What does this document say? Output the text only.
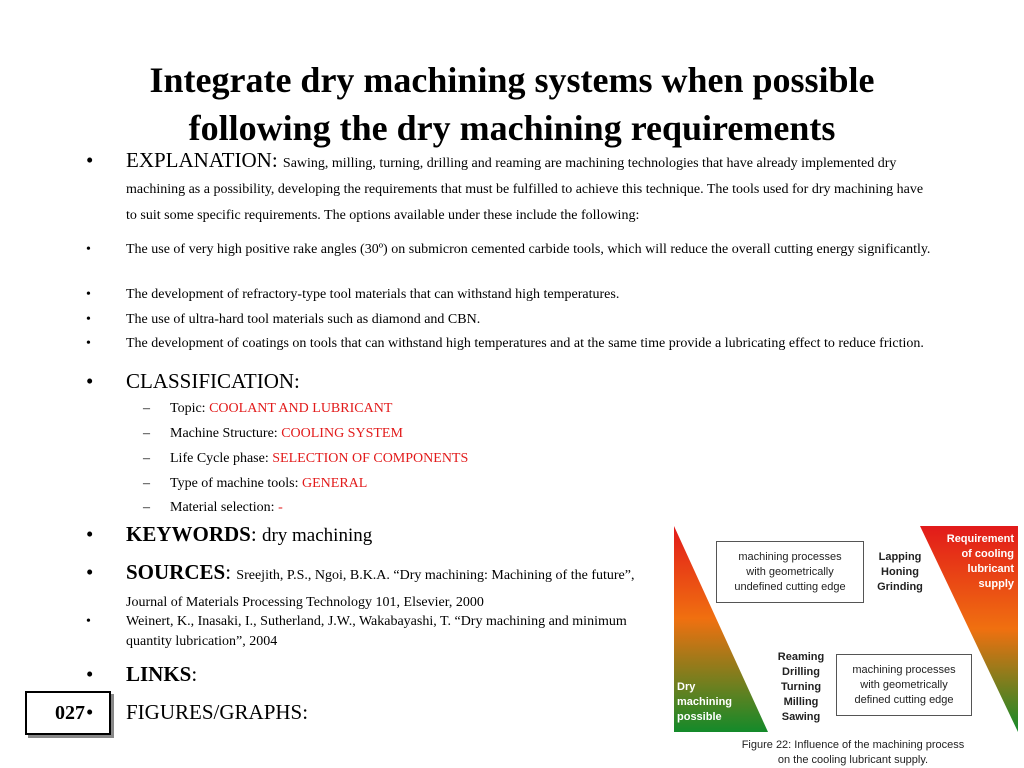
Integrate dry machining systems when possible
following the dry machining requirements
• EXPLANATION: Sawing, milling, turning, drilling and reaming are machining technologies that have already implemented dry machining as a possibility, developing the requirements that must be fulfilled to achieve this technique. The tools used for dry machining have to suit some specific requirements. The options available under these include the following:
•	The use of very high positive rake angles (30º) on submicron cemented carbide tools, which will reduce the overall cutting energy significantly.
•	The development of refractory-type tool materials that can withstand high temperatures.
•	The use of ultra-hard tool materials such as diamond and CBN.
•	The development of coatings on tools that can withstand high temperatures and at the same time provide a lubricating effect to reduce friction.
• CLASSIFICATION:
– Topic: COOLANT AND LUBRICANT
– Machine Structure: COOLING SYSTEM
– Life Cycle phase: SELECTION OF COMPONENTS
– Type of machine tools: GENERAL
– Material selection: -
• KEYWORDS: dry machining
• SOURCES: Sreejith, P.S., Ngoi, B.K.A. “Dry machining: Machining of the future”, Journal of Materials Processing Technology 101, Elsevier, 2000
•	Weinert, K., Inasaki, I., Sutherland, J.W., Wakabayashi, T. “Dry machining and minimum quantity lubrication”, 2004
• LINKS:
• FIGURES/GRAPHS:
027
machining processes
with geometrically
undefined cutting edge
Lapping
Honing
Grinding
Requirement
of cooling
lubricant
supply
Reaming
Drilling
Turning
Milling
Sawing
machining processes
with geometrically
defined cutting edge
Dry
machining
possible
Figure 22: Influence of the machining process
on the cooling lubricant supply.
